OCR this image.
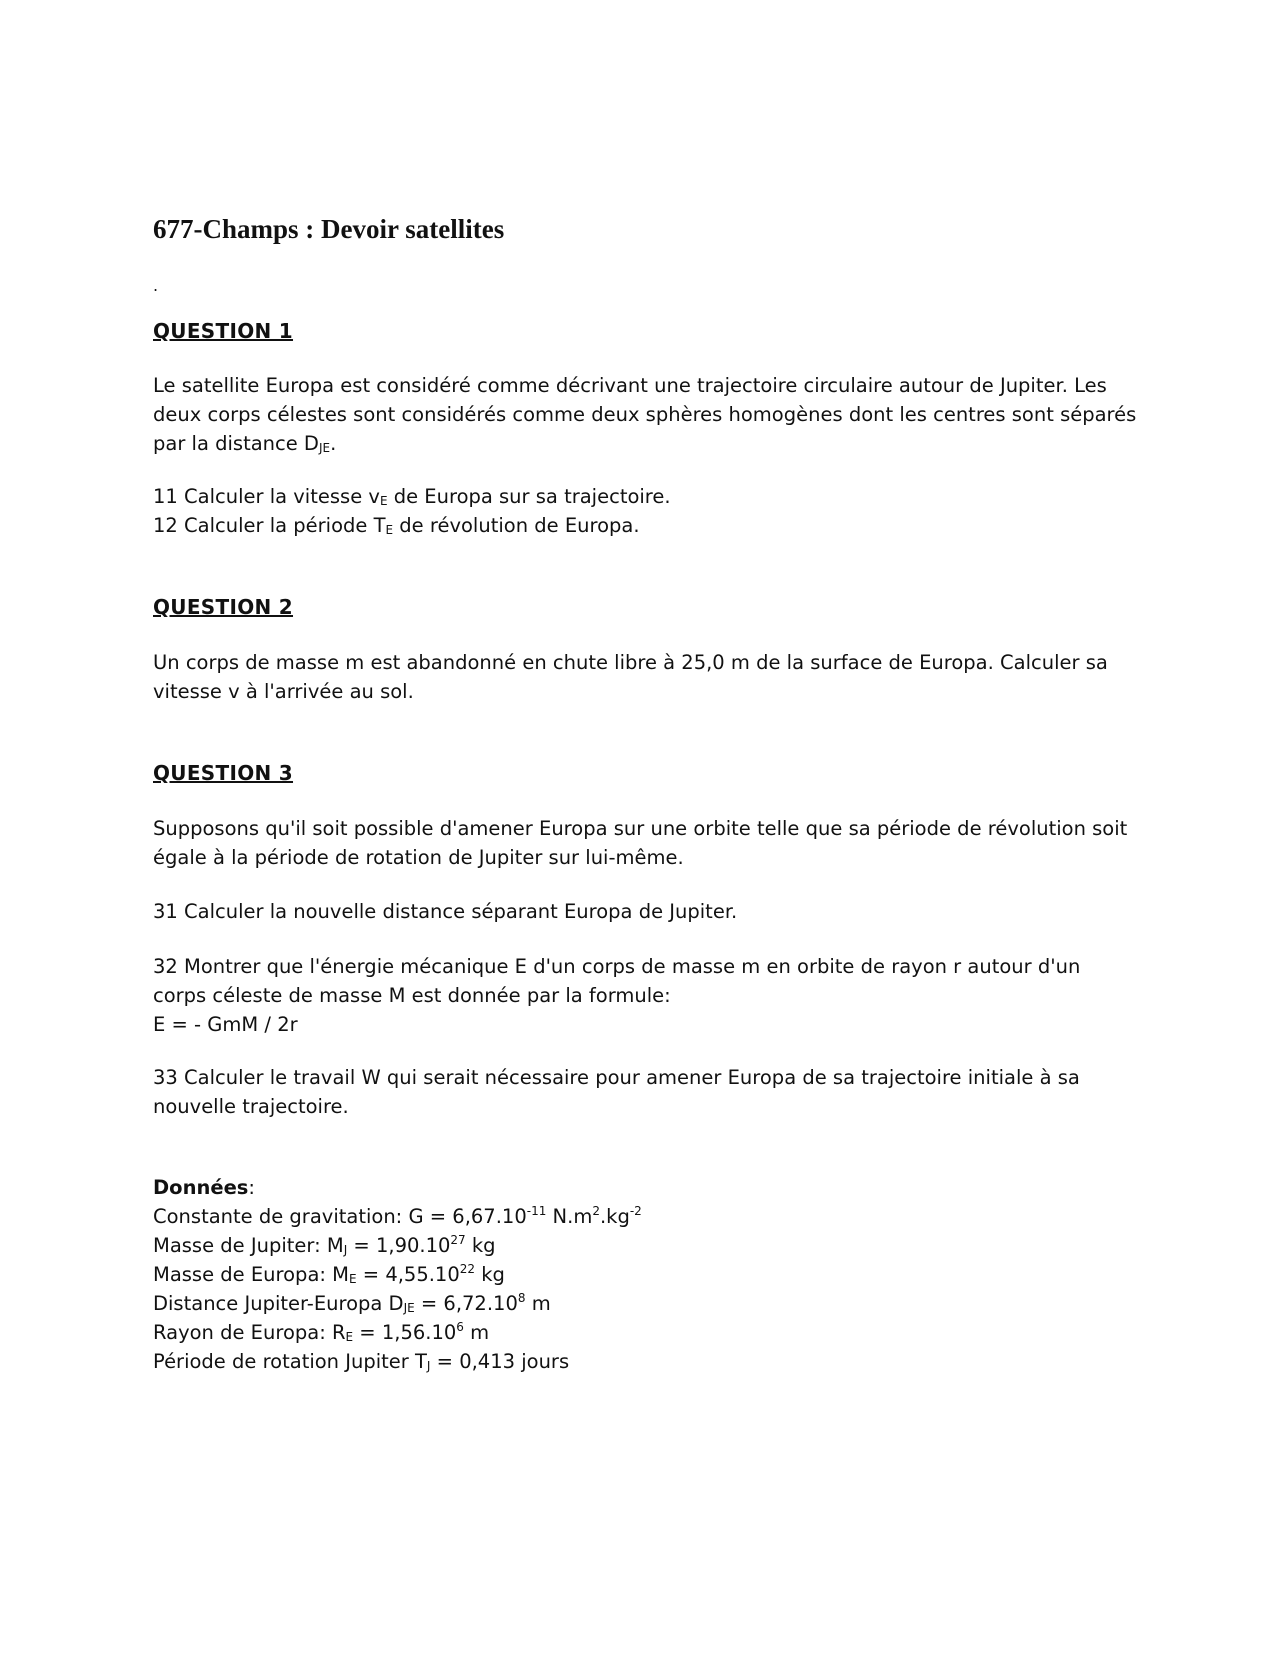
677-Champs : Devoir satellites
.
QUESTION 1
Le satellite Europa est considéré comme décrivant une trajectoire circulaire autour de Jupiter. Les
deux corps célestes sont considérés comme deux sphères homogènes dont les centres sont séparés
par la distance $D_{JE}$.
11 Calculer la vitesse $v_E$ de Europa sur sa trajectoire.
12 Calculer la période $T_E$ de révolution de Europa.
QUESTION 2
Un corps de masse m est abandonné en chute libre à 25,0 m de la surface de Europa. Calculer sa
vitesse v à l'arrivée au sol.
QUESTION 3
Supposons qu'il soit possible d'amener Europa sur une orbite telle que sa période de révolution soit
égale à la période de rotation de Jupiter sur lui-même.
31 Calculer la nouvelle distance séparant Europa de Jupiter.
32 Montrer que l'énergie mécanique E d'un corps de masse m en orbite de rayon r autour d'un
corps céleste de masse M est donnée par la formule:
E = - GmM / 2r
33 Calculer le travail W qui serait nécessaire pour amener Europa de sa trajectoire initiale à sa
nouvelle trajectoire.
Données:
Constante de gravitation: $G = 6,67.10^{-11}$ $N.m^2.kg^{-2}$
Masse de Jupiter: $M_J = 1,90.10^{27}$ kg
Masse de Europa: $M_E = 4,55.10^{22}$ kg
Distance Jupiter-Europa $D_{JE} = 6,72.10^8$ m
Rayon de Europa: $R_E = 1,56.10^6$ m
Période de rotation Jupiter $T_J = 0,413$ jours
